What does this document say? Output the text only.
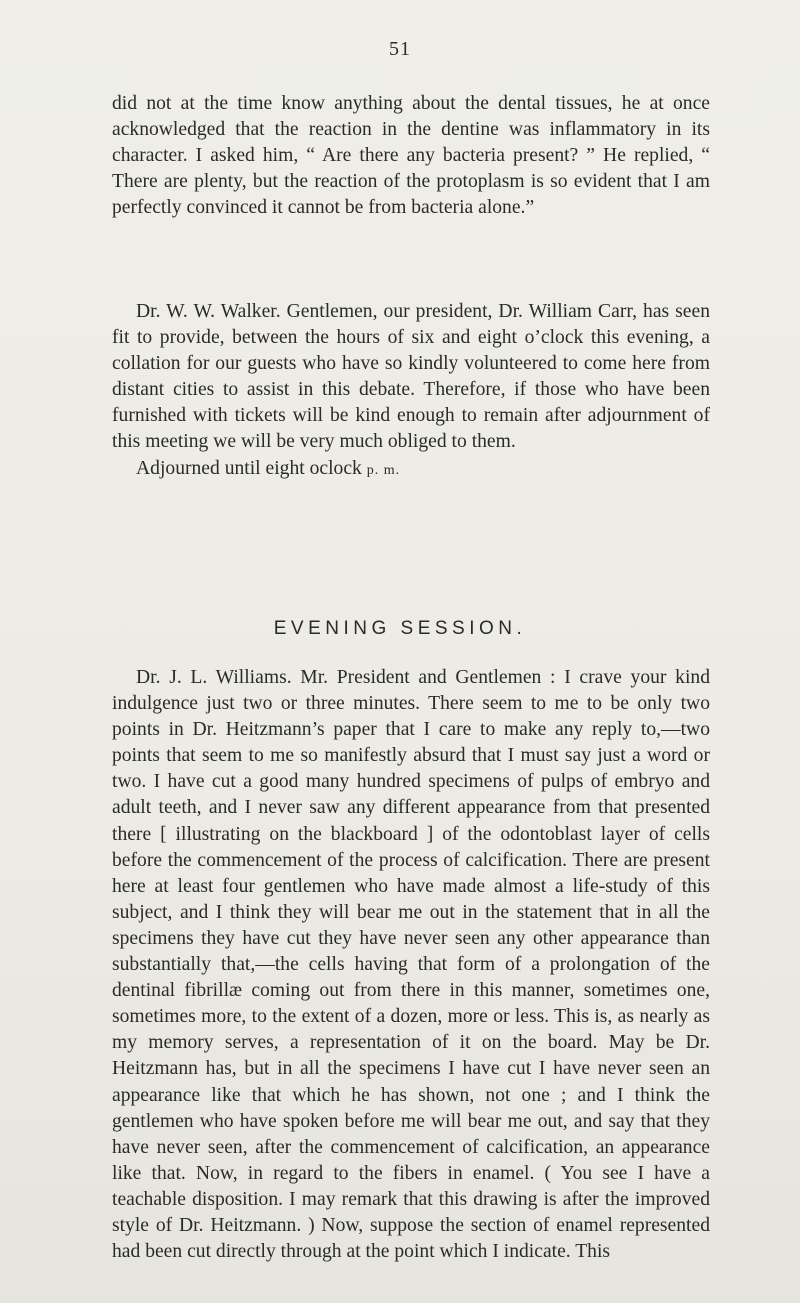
51

did not at the time know anything about the dental tissues, he at once acknowledged that the reaction in the dentine was inflammatory in its character. I asked him, “ Are there any bacteria present? ” He replied, “ There are plenty, but the reaction of the protoplasm is so evident that I am perfectly convinced it cannot be from bacteria alone.”

Dr. W. W. Walker. Gentlemen, our president, Dr. William Carr, has seen fit to provide, between the hours of six and eight o’clock this evening, a collation for our guests who have so kindly volunteered to come here from distant cities to assist in this debate. Therefore, if those who have been furnished with tickets will be kind enough to remain after adjournment of this meeting we will be very much obliged to them.

Adjourned until eight oclock p. m.

EVENING SESSION.

Dr. J. L. Williams. Mr. President and Gentlemen : I crave your kind indulgence just two or three minutes. There seem to me to be only two points in Dr. Heitzmann’s paper that I care to make any reply to,—two points that seem to me so manifestly absurd that I must say just a word or two. I have cut a good many hundred specimens of pulps of embryo and adult teeth, and I never saw any different appearance from that presented there [ illustrating on the blackboard ] of the odontoblast layer of cells before the commencement of the process of calcification. There are present here at least four gentlemen who have made almost a life-study of this subject, and I think they will bear me out in the statement that in all the specimens they have cut they have never seen any other appearance than substantially that,—the cells having that form of a prolongation of the dentinal fibrillæ coming out from there in this manner, sometimes one, sometimes more, to the extent of a dozen, more or less. This is, as nearly as my memory serves, a representation of it on the board. May be Dr. Heitzmann has, but in all the specimens I have cut I have never seen an appearance like that which he has shown, not one ; and I think the gentlemen who have spoken before me will bear me out, and say that they have never seen, after the commencement of calcification, an appearance like that. Now, in regard to the fibers in enamel. ( You see I have a teachable disposition. I may remark that this drawing is after the improved style of Dr. Heitzmann. ) Now, suppose the section of enamel represented had been cut directly through at the point which I indicate. This
